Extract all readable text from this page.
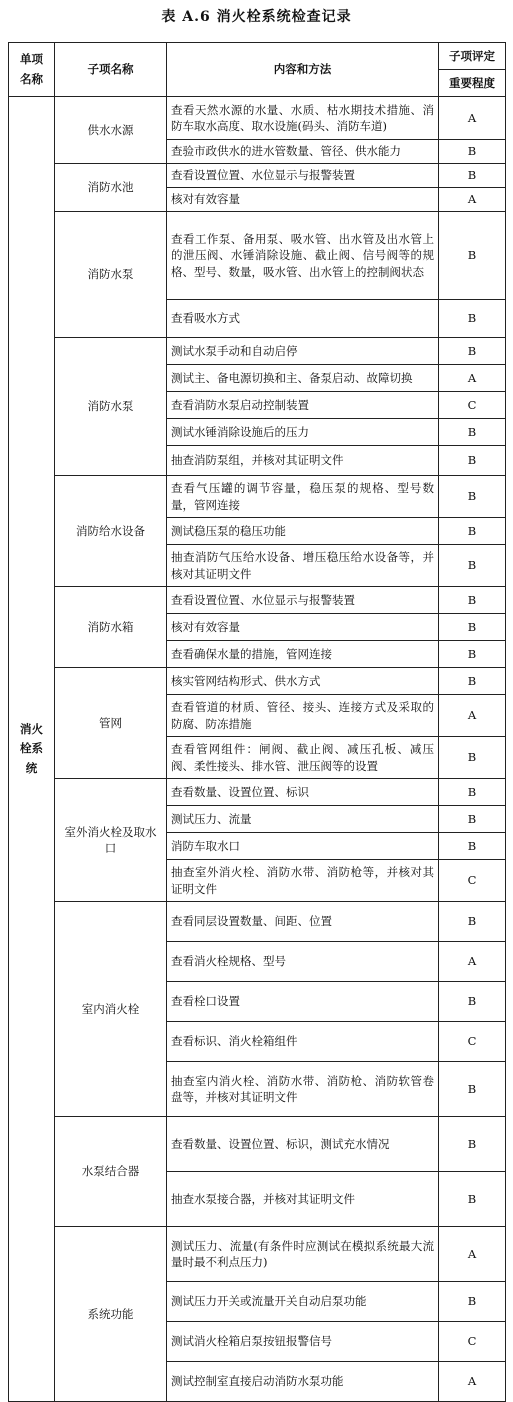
表 A.6 消火栓系统检查记录
单项名称	子项名称	内容和方法	子项评定
			重要程度

消火栓系统	供水水源	查看天然水源的水量、水质、枯水期技术措施、消防车取水高度、取水设施(码头、消防车道)	A
		查验市政供水的进水管数量、管径、供水能力	B
	消防水池	查看设置位置、水位显示与报警装置	B
		核对有效容量	A
	消防水泵	查看工作泵、备用泵、吸水管、出水管及出水管上的泄压阀、水锤消除设施、截止阀、信号阀等的规格、型号、数量，吸水管、出水管上的控制阀状态	B
		查看吸水方式	B
	消防水泵	测试水泵手动和自动启停	B
		测试主、备电源切换和主、备泵启动、故障切换	A
		查看消防水泵启动控制装置	C
		测试水锤消除设施后的压力	B
		抽查消防泵组，并核对其证明文件	B
	消防给水设备	查看气压罐的调节容量，稳压泵的规格、型号数量，管网连接	B
		测试稳压泵的稳压功能	B
		抽查消防气压给水设备、增压稳压给水设备等，并核对其证明文件	B
	消防水箱	查看设置位置、水位显示与报警装置	B
		核对有效容量	B
		查看确保水量的措施，管网连接	B
	管网	核实管网结构形式、供水方式	B
		查看管道的材质、管径、接头、连接方式及采取的防腐、防冻措施	A
		查看管网组件：闸阀、截止阀、减压孔板、减压阀、柔性接头、排水管、泄压阀等的设置	B
	室外消火栓及取水口	查看数量、设置位置、标识	B
		测试压力、流量	B
		消防车取水口	B
		抽查室外消火栓、消防水带、消防枪等，并核对其证明文件	C
	室内消火栓	查看同层设置数量、间距、位置	B
		查看消火栓规格、型号	A
		查看栓口设置	B
		查看标识、消火栓箱组件	C
		抽查室内消火栓、消防水带、消防枪、消防软管卷盘等，并核对其证明文件	B
	水泵结合器	查看数量、设置位置、标识，测试充水情况	B
		抽查水泵接合器，并核对其证明文件	B
	系统功能	测试压力、流量(有条件时应测试在模拟系统最大流量时最不利点压力)	A
		测试压力开关或流量开关自动启泵功能	B
		测试消火栓箱启泵按钮报警信号	C
		测试控制室直接启动消防水泵功能	A
